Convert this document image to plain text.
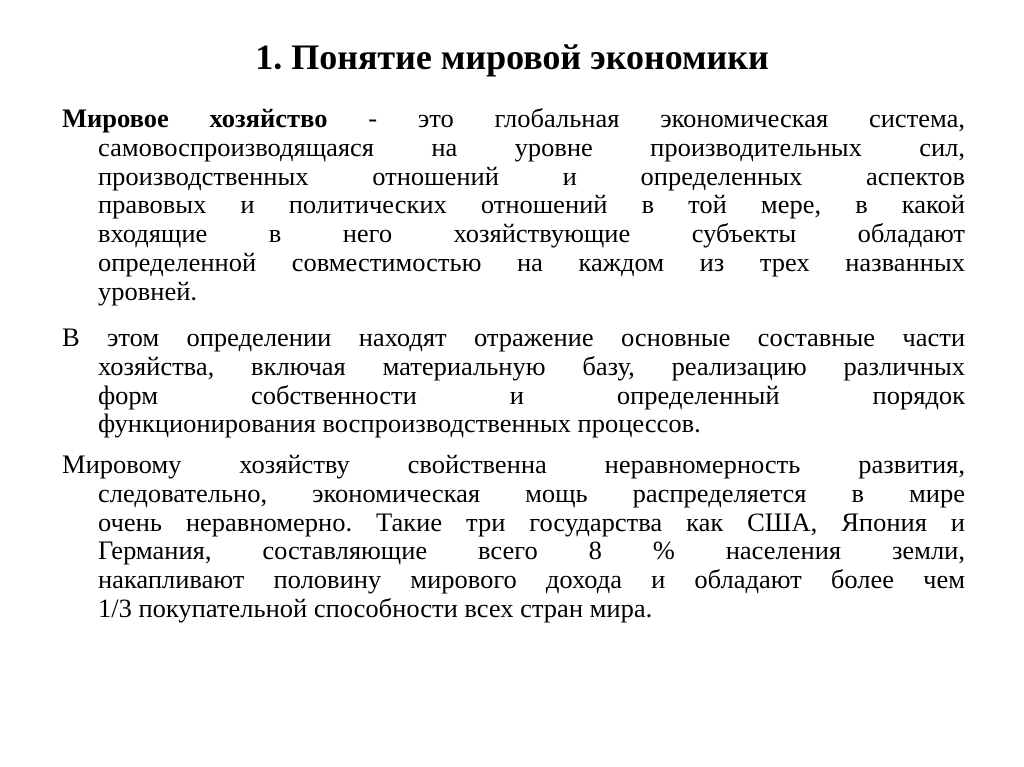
1. Понятие мировой экономики
Мировое хозяйство - это глобальная экономическая система,
самовоспроизводящаяся на уровне производительных сил,
производственных отношений и определенных аспектов
правовых и политических отношений в той мере, в какой
входящие в него хозяйствующие субъекты обладают
определенной совместимостью на каждом из трех названных
уровней.
В этом определении находят отражение основные составные части
хозяйства, включая материальную базу, реализацию различных
форм собственности и определенный порядок
функционирования воспроизводственных процессов.
Мировому хозяйству свойственна неравномерность развития,
следовательно, экономическая мощь распределяется в мире
очень неравномерно. Такие три государства как США, Япония и
Германия, составляющие всего 8 % населения земли,
накапливают половину мирового дохода и обладают более чем
1/3 покупательной способности всех стран мира.
